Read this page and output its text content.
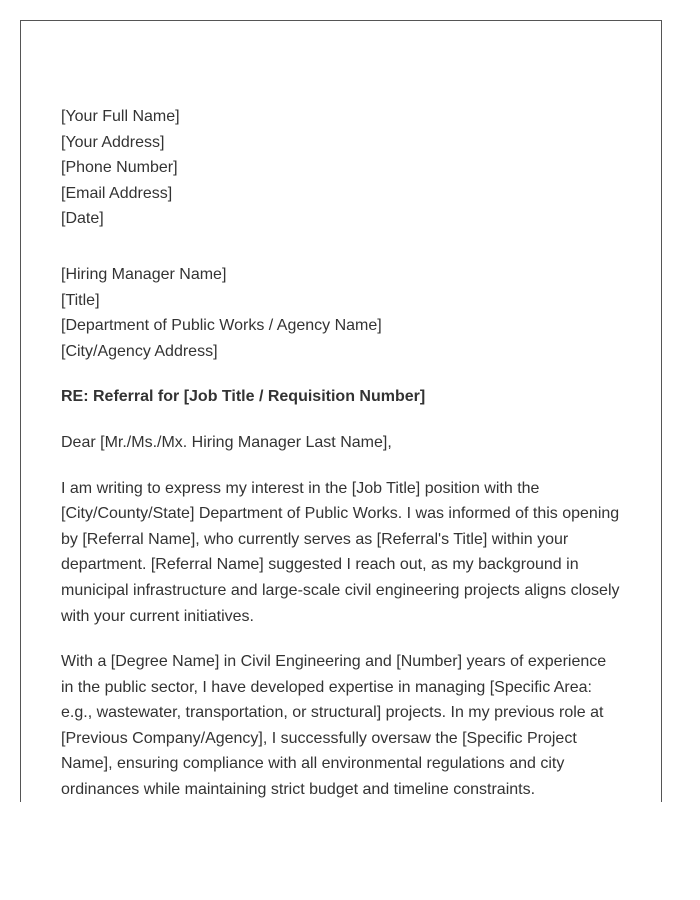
[Your Full Name]
[Your Address]
[Phone Number]
[Email Address]
[Date]
[Hiring Manager Name]
[Title]
[Department of Public Works / Agency Name]
[City/Agency Address]
RE: Referral for [Job Title / Requisition Number]
Dear [Mr./Ms./Mx. Hiring Manager Last Name],
I am writing to express my interest in the [Job Title] position with the
[City/County/State] Department of Public Works. I was informed of this opening
by [Referral Name], who currently serves as [Referral's Title] within your
department. [Referral Name] suggested I reach out, as my background in
municipal infrastructure and large-scale civil engineering projects aligns closely
with your current initiatives.
With a [Degree Name] in Civil Engineering and [Number] years of experience
in the public sector, I have developed expertise in managing [Specific Area:
e.g., wastewater, transportation, or structural] projects. In my previous role at
[Previous Company/Agency], I successfully oversaw the [Specific Project
Name], ensuring compliance with all environmental regulations and city
ordinances while maintaining strict budget and timeline constraints.
